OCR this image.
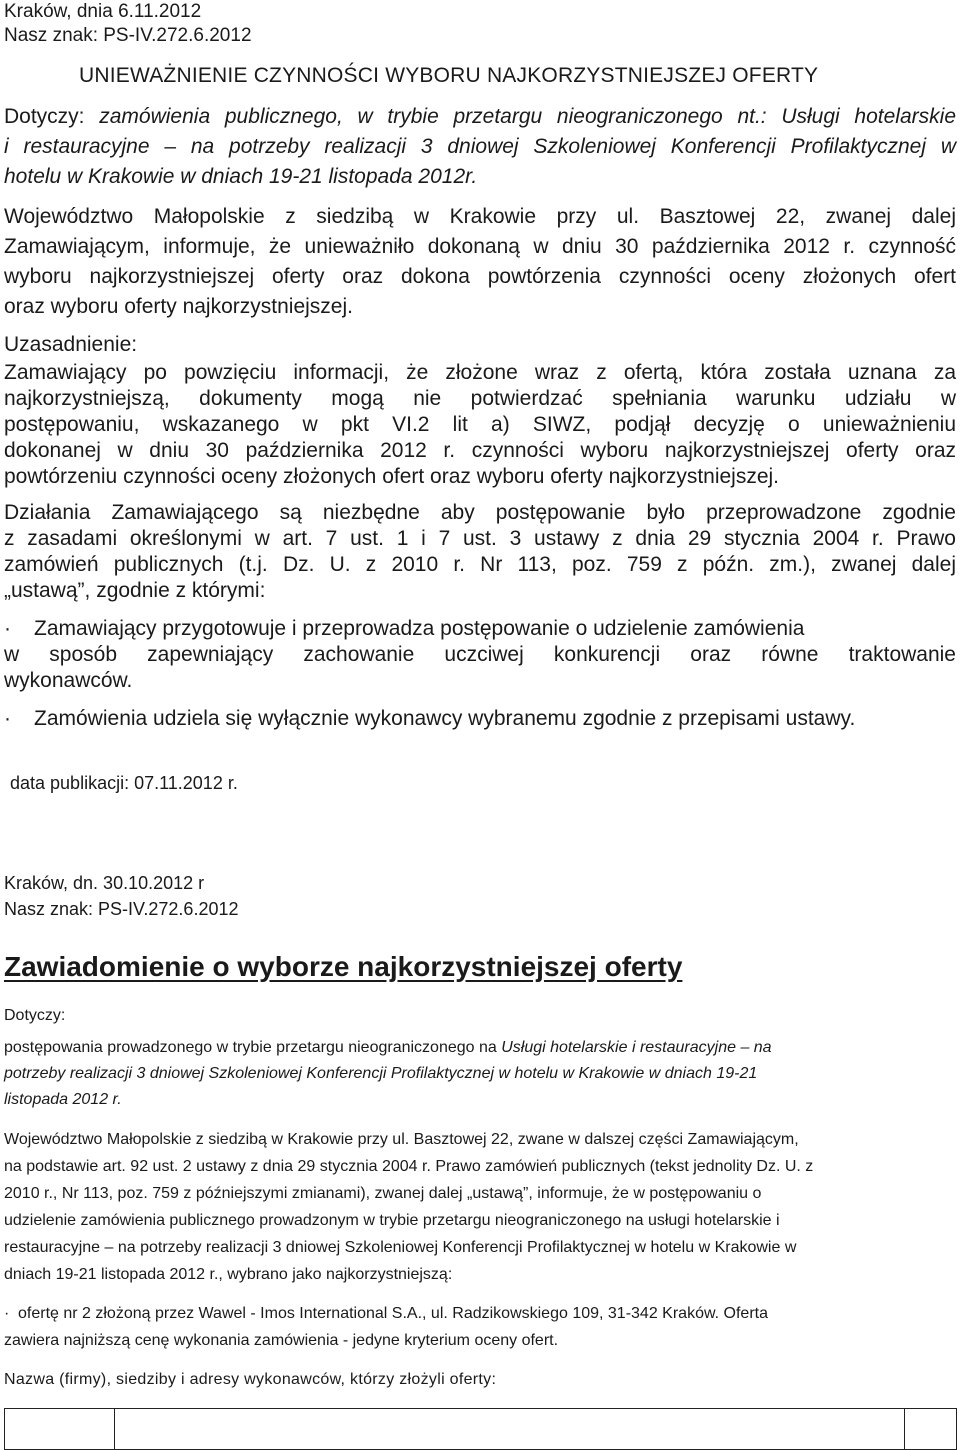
Kraków, dnia 6.11.2012

Nasz znak: PS-IV.272.6.2012

UNIEWAŻNIENIE CZYNNOŚCI WYBORU NAJKORZYSTNIEJSZEJ OFERTY

Dotyczy: zamówienia publicznego, w trybie przetargu nieograniczonego nt.: Usługi hotelarskie

i restauracyjne – na potrzeby realizacji 3 dniowej Szkoleniowej Konferencji Profilaktycznej w

hotelu w Krakowie w dniach 19-21 listopada 2012r.

Województwo Małopolskie z siedzibą w Krakowie przy ul. Basztowej 22, zwanej dalej

Zamawiającym, informuje, że unieważniło dokonaną w dniu 30 października 2012 r. czynność

wyboru najkorzystniejszej oferty oraz dokona powtórzenia czynności oceny złożonych ofert

oraz wyboru oferty najkorzystniejszej.

Uzasadnienie:

Zamawiający po powzięciu informacji, że złożone wraz z ofertą, która została uznana za

najkorzystniejszą, dokumenty mogą nie potwierdzać spełniania warunku udziału w

postępowaniu, wskazanego w pkt VI.2 lit a) SIWZ, podjął decyzję o unieważnieniu

dokonanej w dniu 30 października 2012 r. czynności wyboru najkorzystniejszej oferty oraz

powtórzeniu czynności oceny złożonych ofert oraz wyboru oferty najkorzystniejszej.

Działania Zamawiającego są niezbędne aby postępowanie było przeprowadzone zgodnie

z zasadami określonymi w art. 7 ust. 1 i 7 ust. 3 ustawy z dnia 29 stycznia 2004 r. Prawo

zamówień publicznych (t.j. Dz. U. z 2010 r. Nr 113, poz. 759 z późn. zm.), zwanej dalej

„ustawą”, zgodnie z którymi:

· Zamawiający przygotowuje i przeprowadza postępowanie o udzielenie zamówienia

w sposób zapewniający zachowanie uczciwej konkurencji oraz równe traktowanie

wykonawców.

· Zamówienia udziela się wyłącznie wykonawcy wybranemu zgodnie z przepisami ustawy.

data publikacji: 07.11.2012 r.

Kraków, dn. 30.10.2012 r

Nasz znak: PS-IV.272.6.2012

Zawiadomienie o wyborze najkorzystniejszej oferty

Dotyczy:

postępowania prowadzonego w trybie przetargu nieograniczonego na Usługi hotelarskie i restauracyjne – na

potrzeby realizacji 3 dniowej Szkoleniowej Konferencji Profilaktycznej w hotelu w Krakowie w dniach 19-21

listopada 2012 r.

Województwo Małopolskie z siedzibą w Krakowie przy ul. Basztowej 22, zwane w dalszej części Zamawiającym,

na podstawie art. 92 ust. 2 ustawy z dnia 29 stycznia 2004 r. Prawo zamówień publicznych (tekst jednolity Dz. U. z

2010 r., Nr 113, poz. 759 z późniejszymi zmianami), zwanej dalej „ustawą”, informuje, że w postępowaniu o

udzielenie zamówienia publicznego prowadzonym w trybie przetargu nieograniczonego na usługi hotelarskie i

restauracyjne – na potrzeby realizacji 3 dniowej Szkoleniowej Konferencji Profilaktycznej w hotelu w Krakowie w

dniach 19-21 listopada 2012 r., wybrano jako najkorzystniejszą:

· ofertę nr 2 złożoną przez Wawel - Imos International S.A., ul. Radzikowskiego 109, 31-342 Kraków. Oferta

zawiera najniższą cenę wykonania zamówienia - jedyne kryterium oceny ofert.

Nazwa (firmy), siedziby i adresy wykonawców, którzy złożyli oferty:
